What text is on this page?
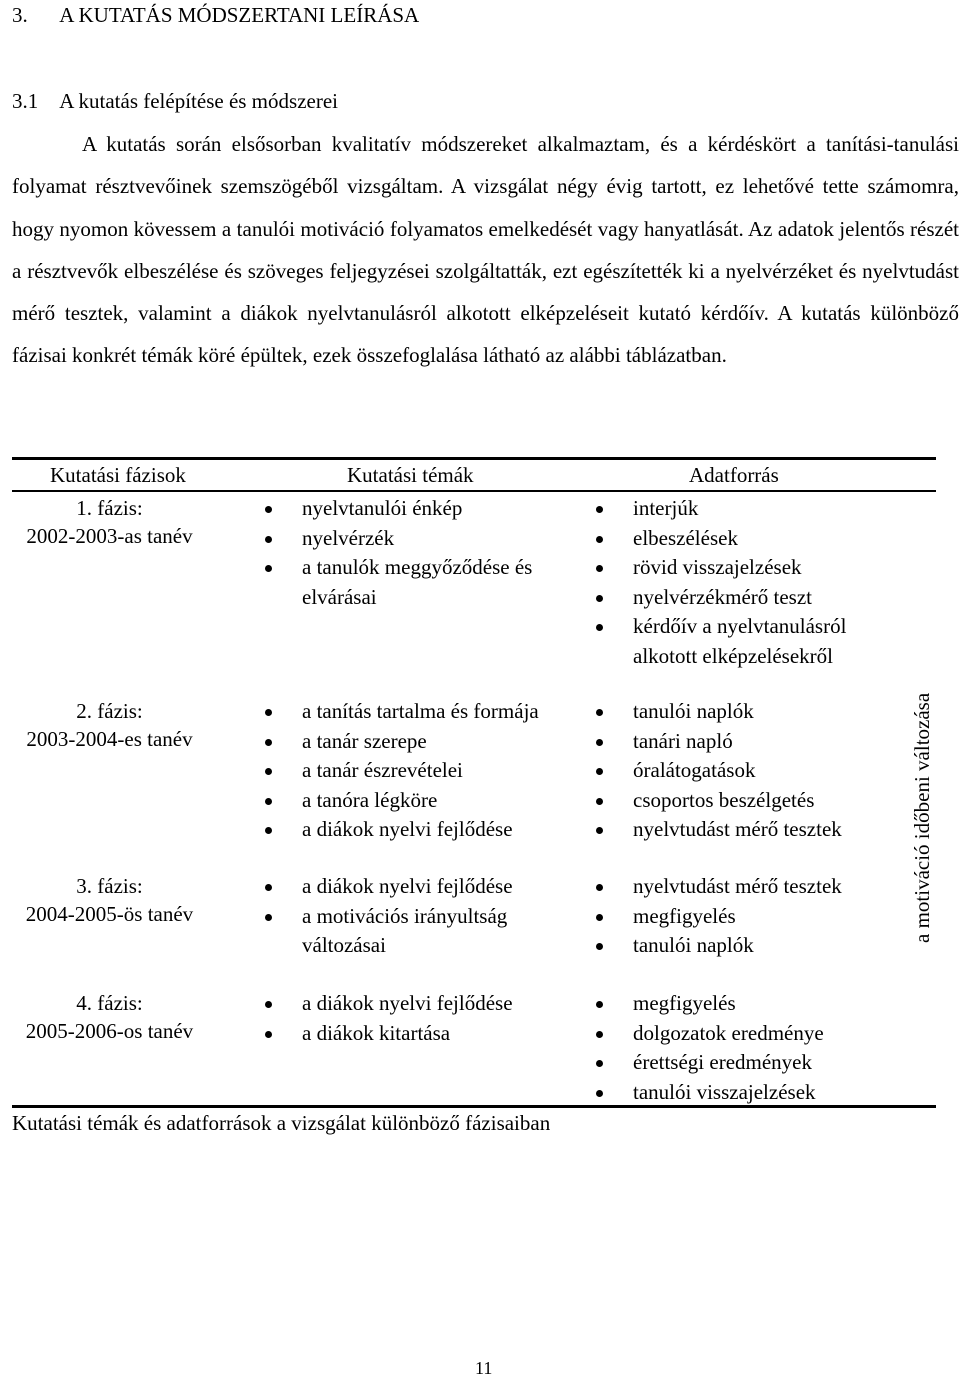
3.      A KUTATÁS MÓDSZERTANI LEÍRÁSA
3.1    A kutatás felépítése és módszerei
A kutatás során elsősorban kvalitatív módszereket alkalmaztam, és a kérdéskört a tanítási-tanulási folyamat résztvevőinek szemszögéből vizsgáltam. A vizsgálat négy évig tartott, ez lehetővé tette számomra, hogy nyomon kövessem a tanulói motiváció folyamatos emelkedését vagy hanyatlását. Az adatok jelentős részét a résztvevők elbeszélése és szöveges feljegyzései szolgáltatták, ezt egészítették ki a nyelvérzéket és nyelvtudást mérő tesztek, valamint a diákok nyelvtanulásról alkotott elképzeléseit kutató kérdőív. A kutatás különböző fázisai konkrét témák köré épültek, ezek összefoglalása látható az alábbi táblázatban.
Kutatási fázisok	Kutatási témák	Adatforrás
1. fázis:
2002-2003-as tanév
nyelvtanulói énkép
nyelvérzék
a tanulók meggyőződése és elvárásai
interjúk
elbeszélések
rövid visszajelzések
nyelvérzékmérő teszt
kérdőív a nyelvtanulásról alkotott elképzelésekről
2. fázis:
2003-2004-es tanév
a tanítás tartalma és formája
a tanár szerepe
a tanár észrevételei
a tanóra légköre
a diákok nyelvi fejlődése
tanulói naplók
tanári napló
óralátogatások
csoportos beszélgetés
nyelvtudást mérő tesztek
3. fázis:
2004-2005-ös tanév
a diákok nyelvi fejlődése
a motivációs irányultság változásai
nyelvtudást mérő tesztek
megfigyelés
tanulói naplók
4. fázis:
2005-2006-os tanév
a diákok nyelvi fejlődése
a diákok kitartása
megfigyelés
dolgozatok eredménye
érettségi eredmények
tanulói visszajelzések
a motiváció időbeni változása
Kutatási témák és adatforrások a vizsgálat különböző fázisaiban
11
